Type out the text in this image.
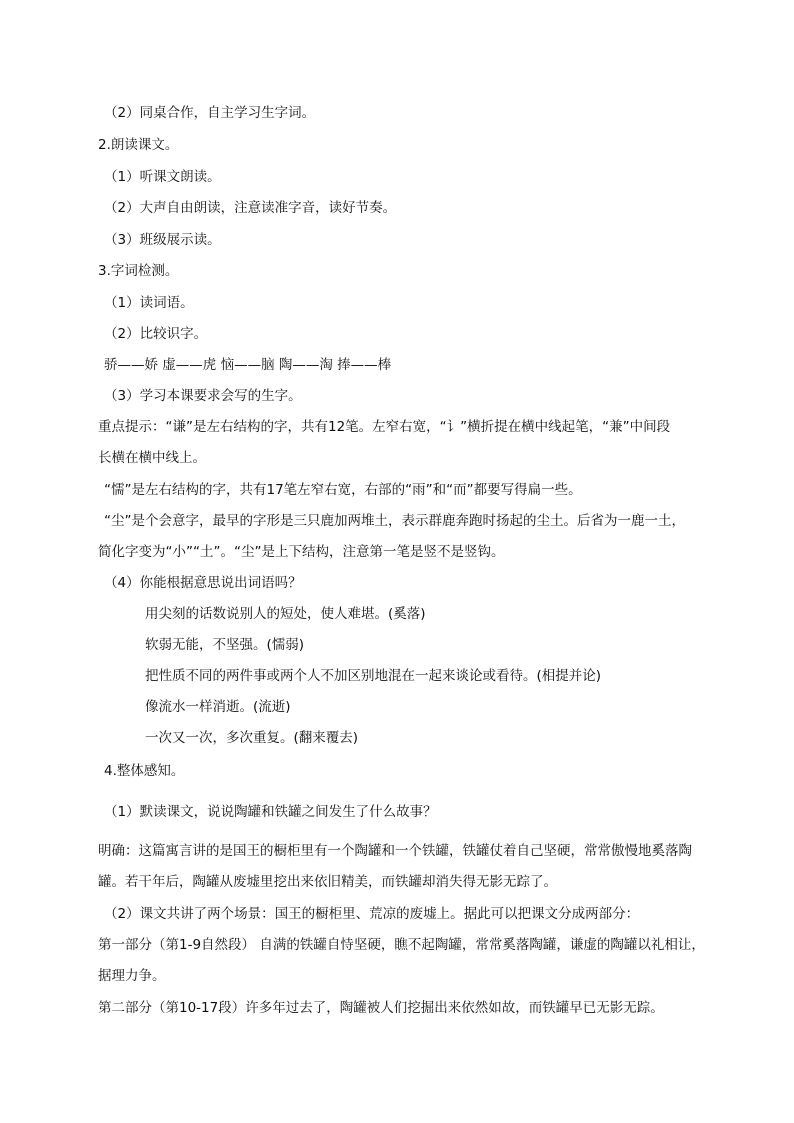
（2）同桌合作，自主学习生字词。
2.朗读课文。
（1）听课文朗读。
（2）大声自由朗读，注意读准字音，读好节奏。
（3）班级展示读。
3.字词检测。
（1）读词语。
（2）比较识字。
骄——娇 虚——虎 恼——脑 陶——淘 捧——棒
（3）学习本课要求会写的生字。
重点提示：“谦”是左右结构的字，共有12笔。左窄右宽，“讠”横折提在横中线起笔，“兼”中间段
长横在横中线上。
“懦”是左右结构的字，共有17笔左窄右宽，右部的“雨”和“而”都要写得扁一些。
“尘”是个会意字，最早的字形是三只鹿加两堆土，表示群鹿奔跑时扬起的尘土。后省为一鹿一土，
简化字变为“小”“土”。“尘”是上下结构，注意第一笔是竖不是竖钩。
（4）你能根据意思说出词语吗？
用尖刻的话数说别人的短处，使人难堪。(奚落)
软弱无能，不坚强。(懦弱)
把性质不同的两件事或两个人不加区别地混在一起来谈论或看待。(相提并论)
像流水一样消逝。(流逝)
一次又一次，多次重复。(翻来覆去)
4.整体感知。
（1）默读课文，说说陶罐和铁罐之间发生了什么故事？
明确：这篇寓言讲的是国王的橱柜里有一个陶罐和一个铁罐，铁罐仗着自己坚硬，常常傲慢地奚落陶
罐。若干年后，陶罐从废墟里挖出来依旧精美，而铁罐却消失得无影无踪了。
（2）课文共讲了两个场景：国王的橱柜里、荒凉的废墟上。据此可以把课文分成两部分：
第一部分（第1-9自然段） 自满的铁罐自恃坚硬，瞧不起陶罐，常常奚落陶罐，谦虚的陶罐以礼相让，
据理力争。
第二部分（第10-17段）许多年过去了，陶罐被人们挖掘出来依然如故，而铁罐早已无影无踪。
